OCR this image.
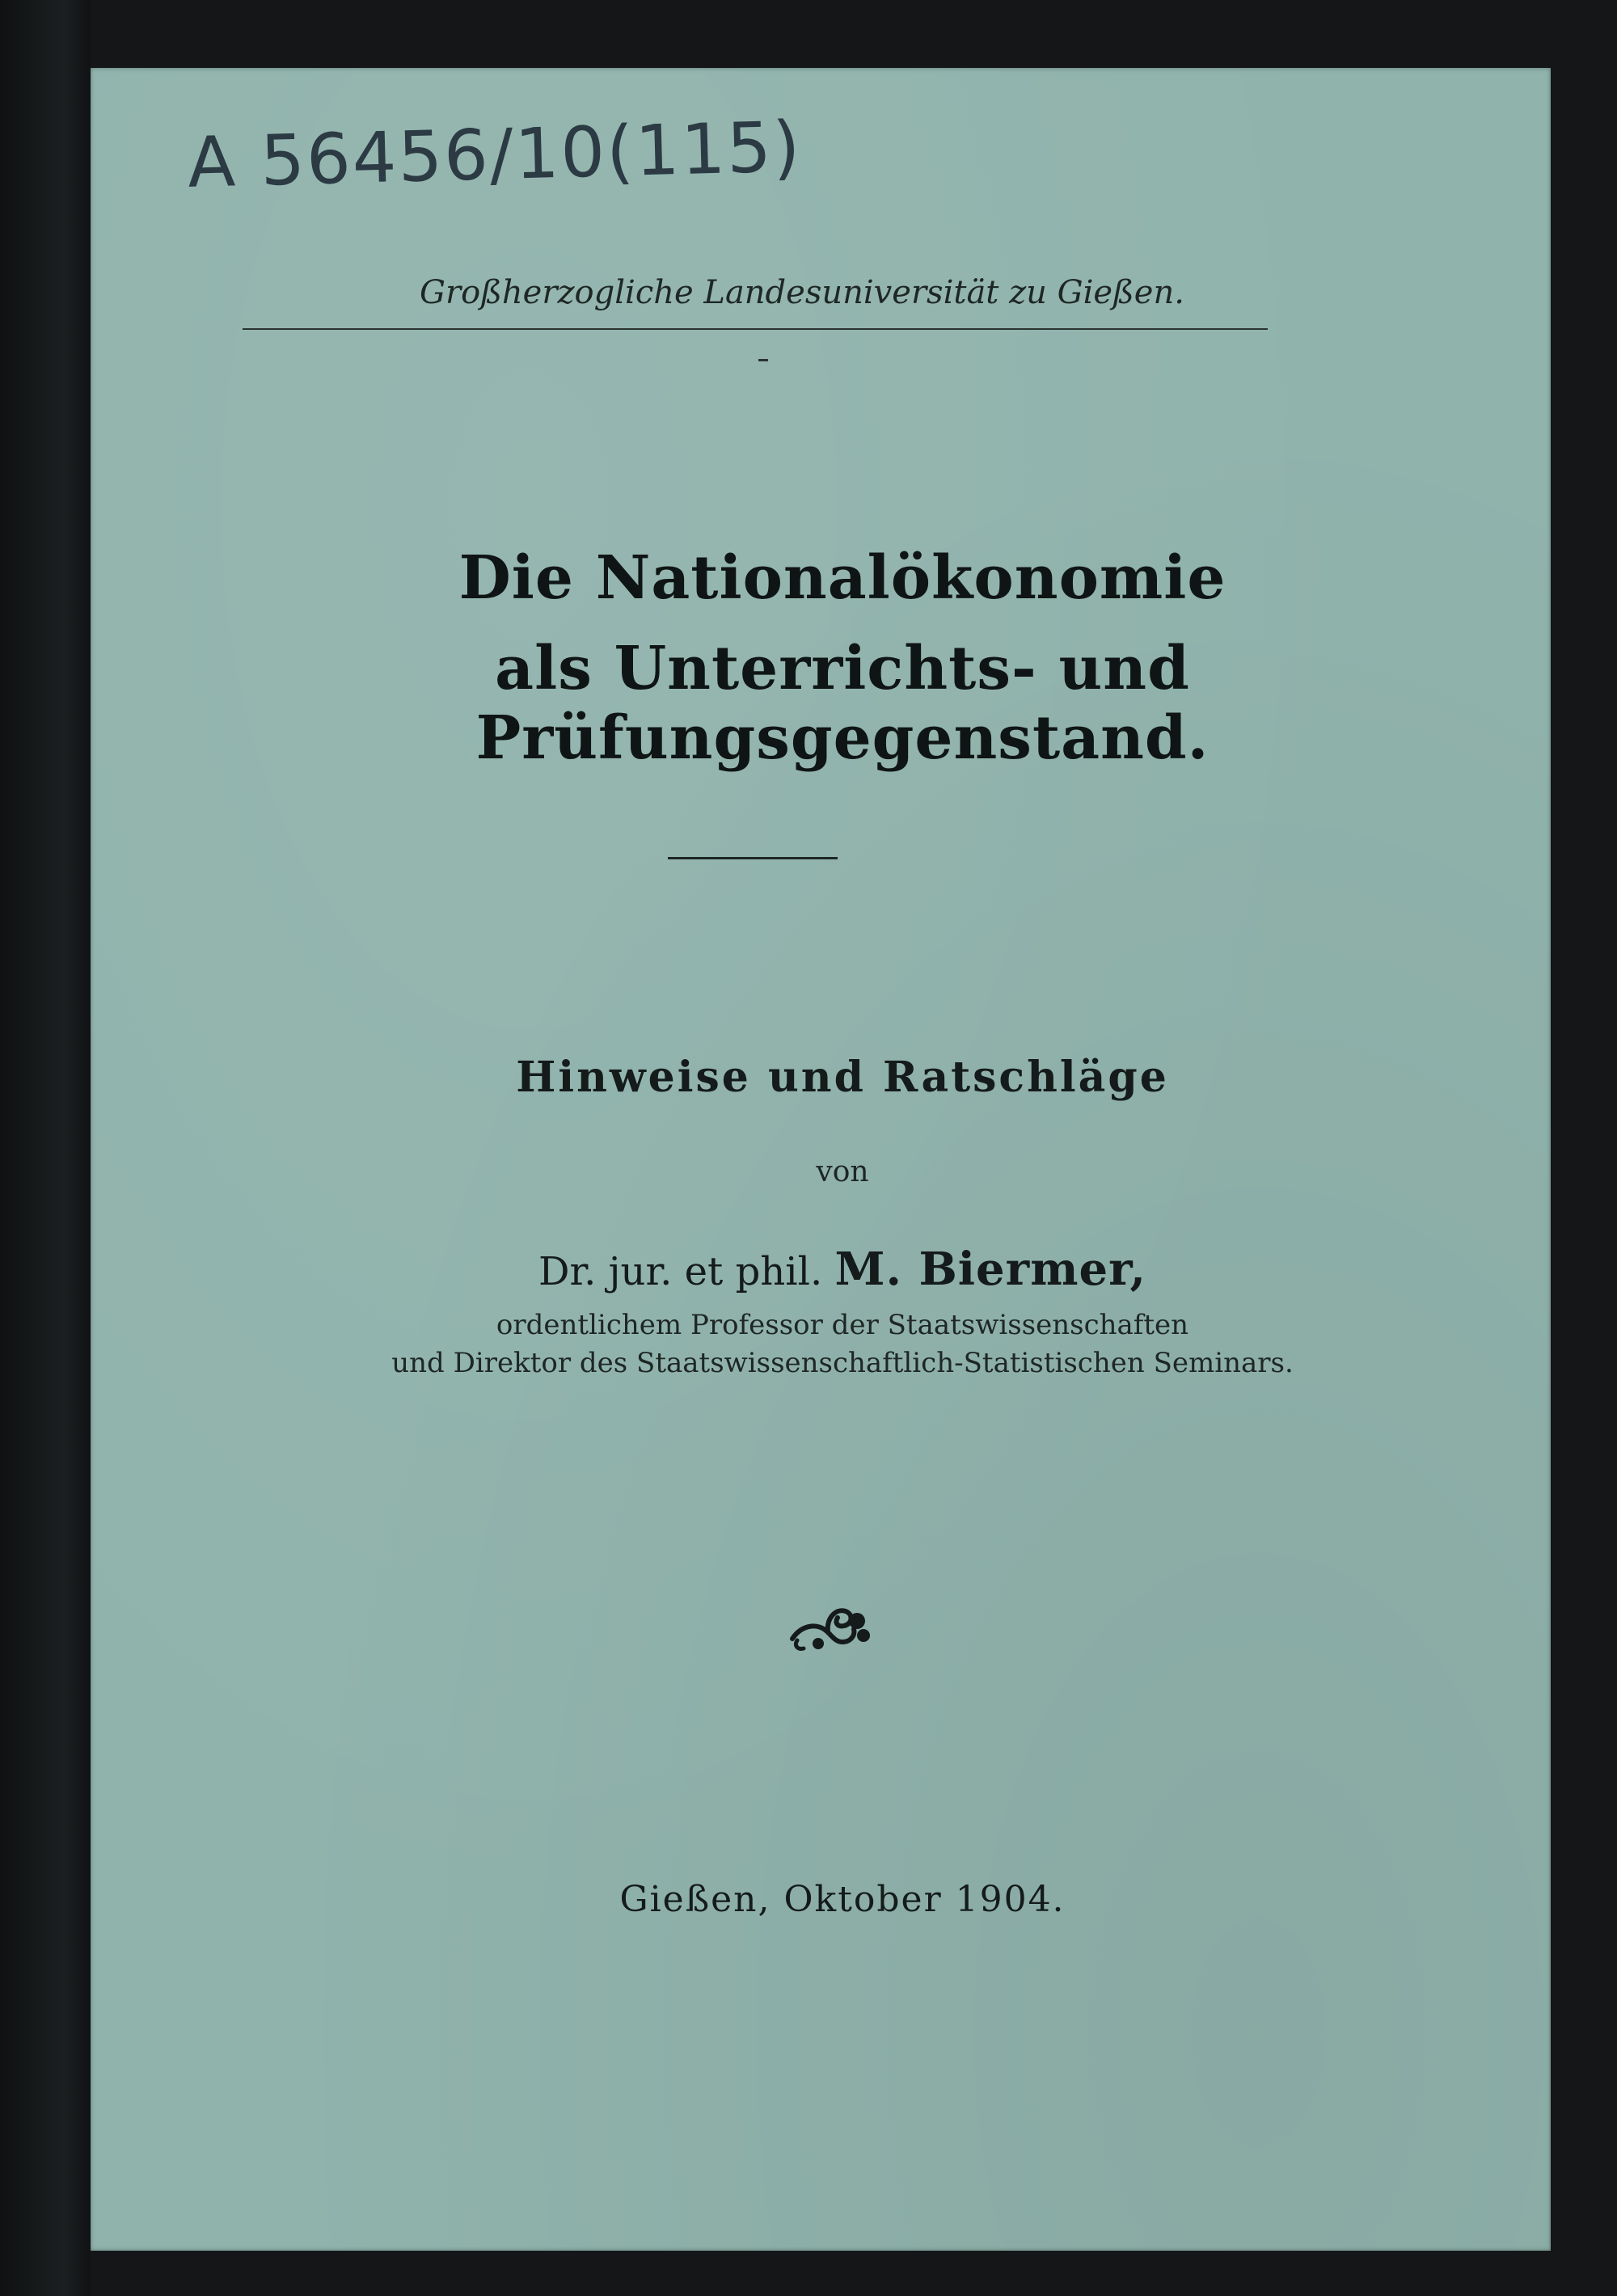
A 56456/10(115)
Großherzogliche Landesuniversität zu Gießen.
Die Nationalökonomie
als Unterrichts- und Prüfungsgegenstand.
Hinweise und Ratschläge
von
Dr. jur. et phil. M. Biermer,
ordentlichem Professor der Staatswissenschaften
und Direktor des Staatswissenschaftlich-Statistischen Seminars.
Gießen, Oktober 1904.
